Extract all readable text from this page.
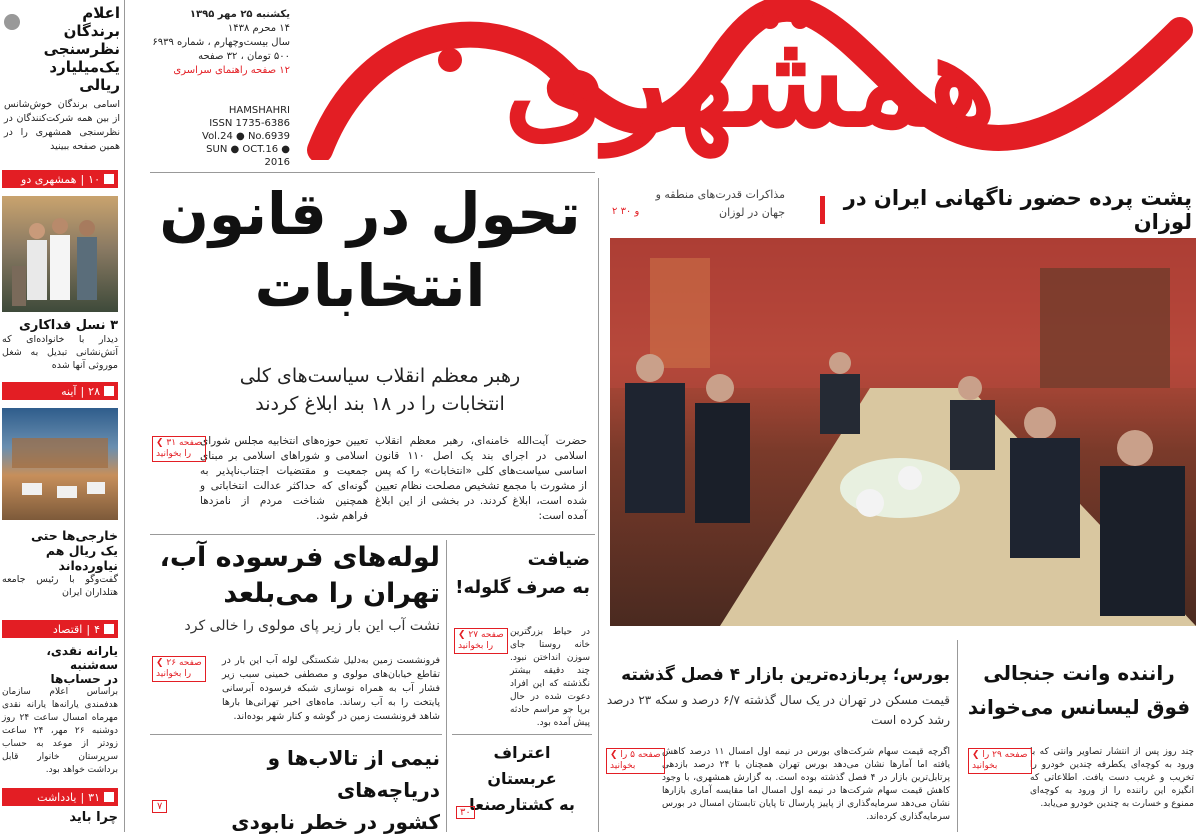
همشهری
یکشنبه ۲۵ مهر ۱۳۹۵
۱۴ محرم ۱۴۳۸
سال بیست‌وچهارم ، شماره ۶۹۳۹
۵۰۰ تومان ، ۳۲ صفحه
۱۲ صفحه راهنمای سراسری
HAMSHAHRI
ISSN 1735-6386
Vol.24 ● No.6939
SUN ● OCT.16 ● 2016
اعلام برندگان
نظرسنجی
یک‌میلیارد ریالی
اسامی برندگان خوش‌شانس از بین همه شرکت‌کنندگان در نظرسنجی همشهری را در همین صفحه ببینید
۱۰
|
همشهری دو
۳ نسل فداکاری
دیدار با خانواده‌ای که آتش‌نشانی تبدیل به شغل موروثی آنها شده
۲۸
|
آینه
خارجی‌ها حتی
یک ریال هم نیاورده‌اند
گفت‌وگو با رئیس جامعه هتلداران ایران
۴
|
اقتصاد
یارانه نقدی، سه‌شنبه
در حساب‌ها
براساس اعلام سازمان هدفمندی یارانه‌ها یارانه نقدی مهرماه امسال ساعت ۲۴ روز دوشنبه ۲۶ مهر، ۲۴ ساعت زودتر از موعد به حساب سرپرستان خانوار قابل برداشت خواهد بود.
۳۱
|
یادداشت
چرا باید
تحول در قانون
انتخابات
رهبر معظم انقلاب سیاست‌های کلی انتخابات را در ۱۸ بند ابلاغ کردند
حضرت آیت‌الله خامنه‌ای، رهبر معظم انقلاب اسلامی در اجرای بند یک اصل ۱۱۰ قانون اساسی سیاست‌های کلی «انتخابات» را که پس از مشورت با مجمع تشخیص مصلحت نظام تعیین شده است، ابلاغ کردند. در بخشی از این ابلاغ آمده است:
تعیین حوزه‌های انتخابیه مجلس شورای اسلامی و شوراهای اسلامی بر مبنای جمعیت و مقتضیات اجتناب‌ناپذیر به گونه‌ای که حداکثر عدالت انتخاباتی و همچنین شناخت مردم از نامزدها فراهم شود.
❮ صفحه ۳۱
را بخوانید
پشت پرده حضور ناگهانی ایران در لوزان
مذاکرات قدرت‌های منطقه و جهان در لوزان
۲ و ۳۰
لوله‌های فرسوده آب،
تهران را می‌بلعد
نشت آب این بار زیر پای مولوی را خالی کرد
فرونشست زمین به‌دلیل شکستگی لوله آب این بار در تقاطع خیابان‌های مولوی و مصطفی خمینی سبب زیر فشار آب به همراه نوسازی شبکه فرسوده آبرسانی پایتخت را به آب رساند. ماه‌های اخیر تهرانی‌ها بارها شاهد فرونشست زمین در گوشه و کنار شهر بوده‌اند.
❮ صفحه ۲۶
را بخوانید
ضیافت
به صرف گلوله!
در حیاط بزرگترین خانه روستا جای سوزن انداختن نبود. چند دقیقه بیشتر نگذشته که این افراد دعوت شده در حال برپا جو مراسم حادثه پیش آمده بود.
❮ صفحه ۲۷
را بخوانید
نیمی از تالاب‌ها و دریاچه‌های
کشور در خطر نابودی
۷
اعتراف
عربستان
به کشتارصنعا
۳۰
بورس؛ پربازده‌ترین بازار ۴ فصل گذشته
قیمت مسکن در تهران در یک سال گذشته ۶/۷ درصد و سکه ۲۳ درصد رشد کرده است
اگرچه قیمت سهام شرکت‌های بورس در نیمه اول امسال ۱۱ درصد کاهش یافته اما آمارها نشان می‌دهد بورس تهران همچنان با ۲۴ درصد بازدهی پرتابل‌ترین بازار در ۴ فصل گذشته بوده است. به گزارش همشهری، با وجود کاهش قیمت سهام شرکت‌ها در نیمه اول امسال اما مقایسه آماری بازارها نشان می‌دهد سرمایه‌گذاری از پاییز پارسال تا پایان تابستان امسال در بورس سرمایه‌گذاری کرده‌اند.
❮ صفحه ۵ را
بخوانید
راننده وانت جنجالی
فوق لیسانس می‌خواند
چند روز پس از انتشار تصاویر وانتی که با ورود به کوچه‌ای یکطرفه چندین خودرو را تخریب و غریب دست یافت. اطلاعاتی که انگیزه این راننده را از ورود به کوچه‌ای ممنوع و خسارت به چندین خودرو می‌یابد.
❮ صفحه ۲۹ را
بخوانید
